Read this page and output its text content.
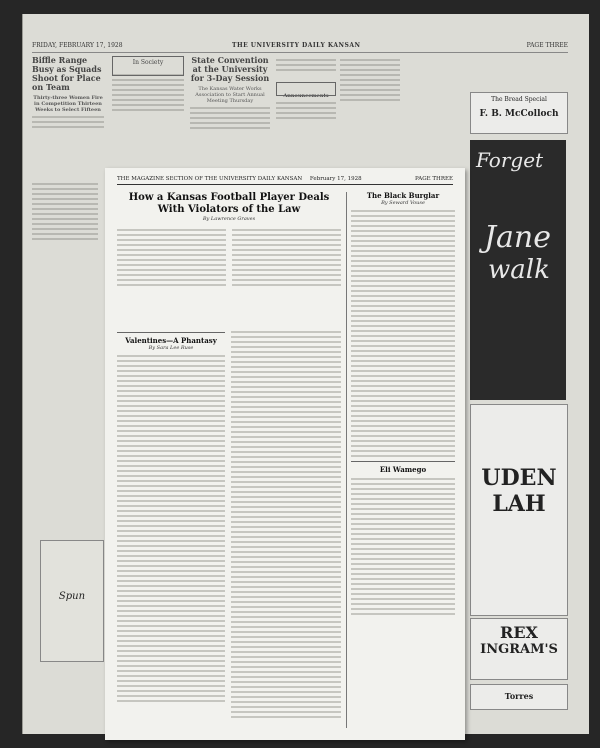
FRIDAY, FEBRUARY 17, 1928	THE UNIVERSITY DAILY KANSAN	PAGE THREE
Biffle Range Busy as Squads Shoot for Place on Team
Thirty-three Women Fire in Competition Thirteen Weeks to Select Fifteen
In Society	State Convention at the University for 3-Day Session
The Kansas Water Works Association to Start Annual Meeting Thursday
Announcements	The Bread Special
F. B. McColloch
Forget
Jane
walk
UDEN
LAH
REX
INGRAM'S
Torres
Spun
THE MAGAZINE SECTION OF THE UNIVERSITY DAILY KANSAN February 17, 1928	PAGE THREE
How a Kansas Football Player Deals With Violators of the Law
By Lawrence Graves
Valentines—A Phantasy
By Sara Lee Ruse
The Black Burglar
By Seward Vouse
Eli Wamego
